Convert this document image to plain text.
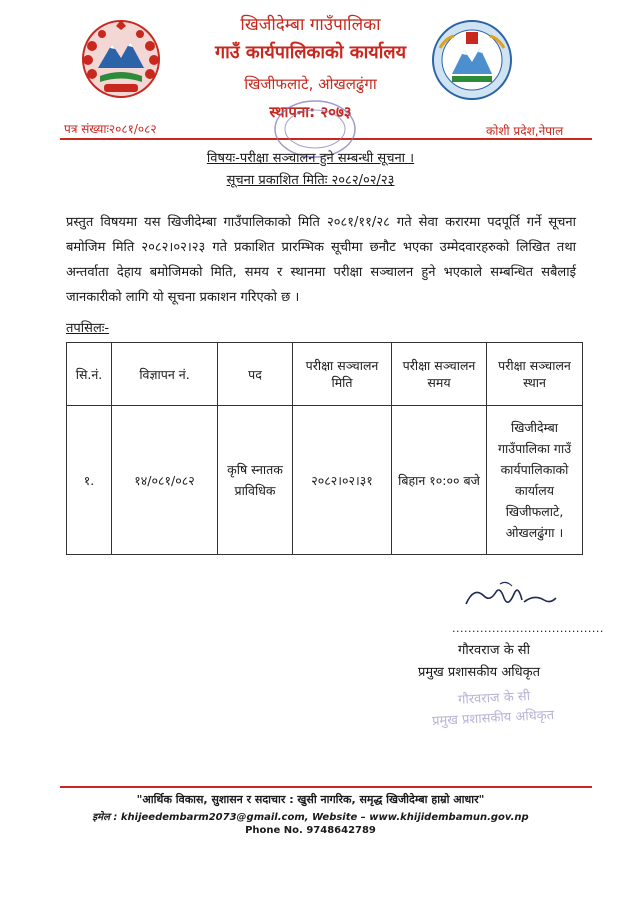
खिजीदेम्बा गाउँपालिका
गाउँ कार्यपालिकाको कार्यालय
खिजीफलाटे, ओखलढुंगा
स्थापना: २०७३
पत्र संख्याः२०८१/०८२	कोशी प्रदेश,नेपाल
विषयः-परीक्षा सञ्चालन हुने सम्बन्धी सूचना ।
सूचना प्रकाशित मितिः २०८२/०२/२३

प्रस्तुत विषयमा यस खिजीदेम्बा गाउँपालिकाको मिति २०८१/११/२८ गते सेवा करारमा पदपूर्ति गर्ने सूचना बमोजिम मिति २०८२।०२।२३ गते प्रकाशित प्रारम्भिक सूचीमा छनौट भएका उम्मेदवारहरुको लिखित तथा अन्तर्वाता देहाय बमोजिमको मिति, समय र स्थानमा परीक्षा सञ्चालन हुने भएकाले सम्बन्धित सबैलाई जानकारीको लागि यो सूचना प्रकाशन गरिएको छ ।

तपसिलः-
सि.नं.	विज्ञापन नं.	पद	परीक्षा सञ्चालन मिति	परीक्षा सञ्चालन समय	परीक्षा सञ्चालन स्थान
१.	१४/०८१/०८२	कृषि स्नातक प्राविधिक	२०८२।०२।३१	बिहान १०:०० बजे	खिजीदेम्बा गाउँपालिका गाउँ कार्यपालिकाको कार्यालय खिजीफलाटे, ओखलढुंगा ।
......................................
गौरवराज के सी
प्रमुख प्रशासकीय अधिकृत
गौरवराज के सी
प्रमुख प्रशासकीय अधिकृत
"आर्थिक विकास, सुशासन र सदाचार : खुसी नागरिक, समृद्ध खिजीदेम्बा हाम्रो आधार"
इमेल : khijeedembarm2073@gmail.com, Website – www.khijidembamun.gov.np
Phone No. 9748642789
